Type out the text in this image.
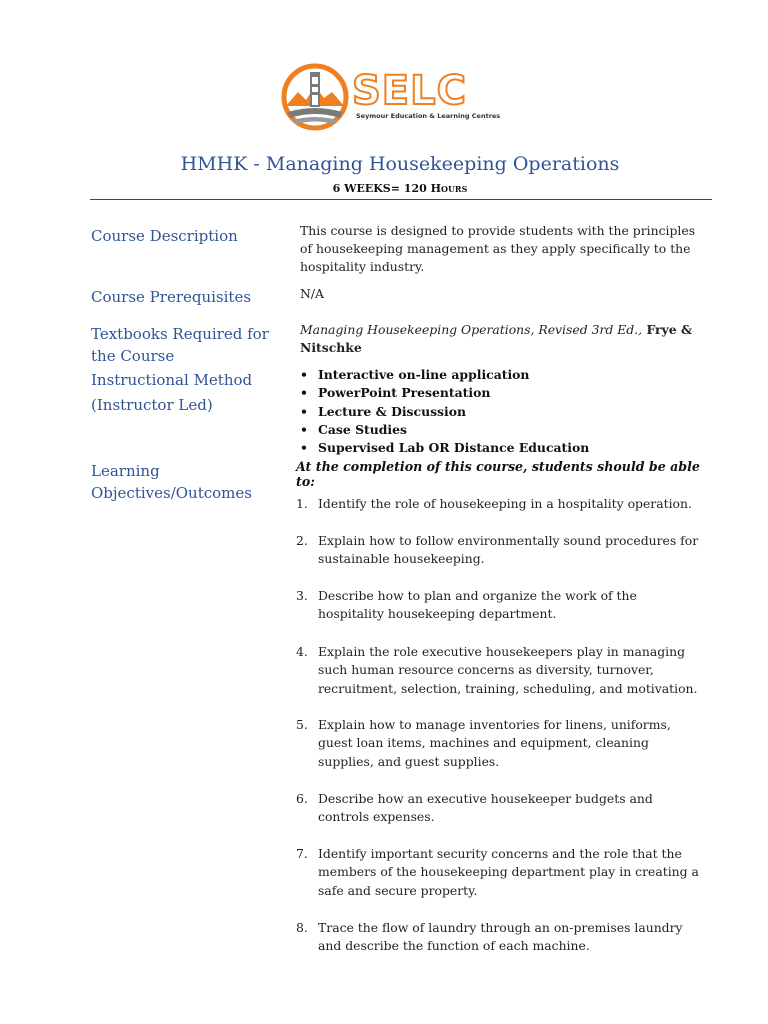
SELC
Seymour Education & Learning Centres
HMHK - Managing Housekeeping Operations
6 WEEKS= 120 Hours
Course Description	This course is designed to provide students with the principles of housekeeping management as they apply specifically to the hospitality industry.
Course Prerequisites	N/A
Textbooks Required for the Course
Managing Housekeeping Operations, Revised 3rd Ed., Frye & Nitschke
Instructional Method
(Instructor Led)
• Interactive on-line application
• PowerPoint Presentation
• Lecture & Discussion
• Case Studies
• Supervised Lab OR Distance Education
Learning Objectives/Outcomes
At the completion of this course, students should be able to:
1. Identify the role of housekeeping in a hospitality operation.
2. Explain how to follow environmentally sound procedures for sustainable housekeeping.
3. Describe how to plan and organize the work of the hospitality housekeeping department.
4. Explain the role executive housekeepers play in managing such human resource concerns as diversity, turnover, recruitment, selection, training, scheduling, and motivation.
5. Explain how to manage inventories for linens, uniforms, guest loan items, machines and equipment, cleaning supplies, and guest supplies.
6. Describe how an executive housekeeper budgets and controls expenses.
7. Identify important security concerns and the role that the members of the housekeeping department play in creating a safe and secure property.
8. Trace the flow of laundry through an on-premises laundry and describe the function of each machine.
